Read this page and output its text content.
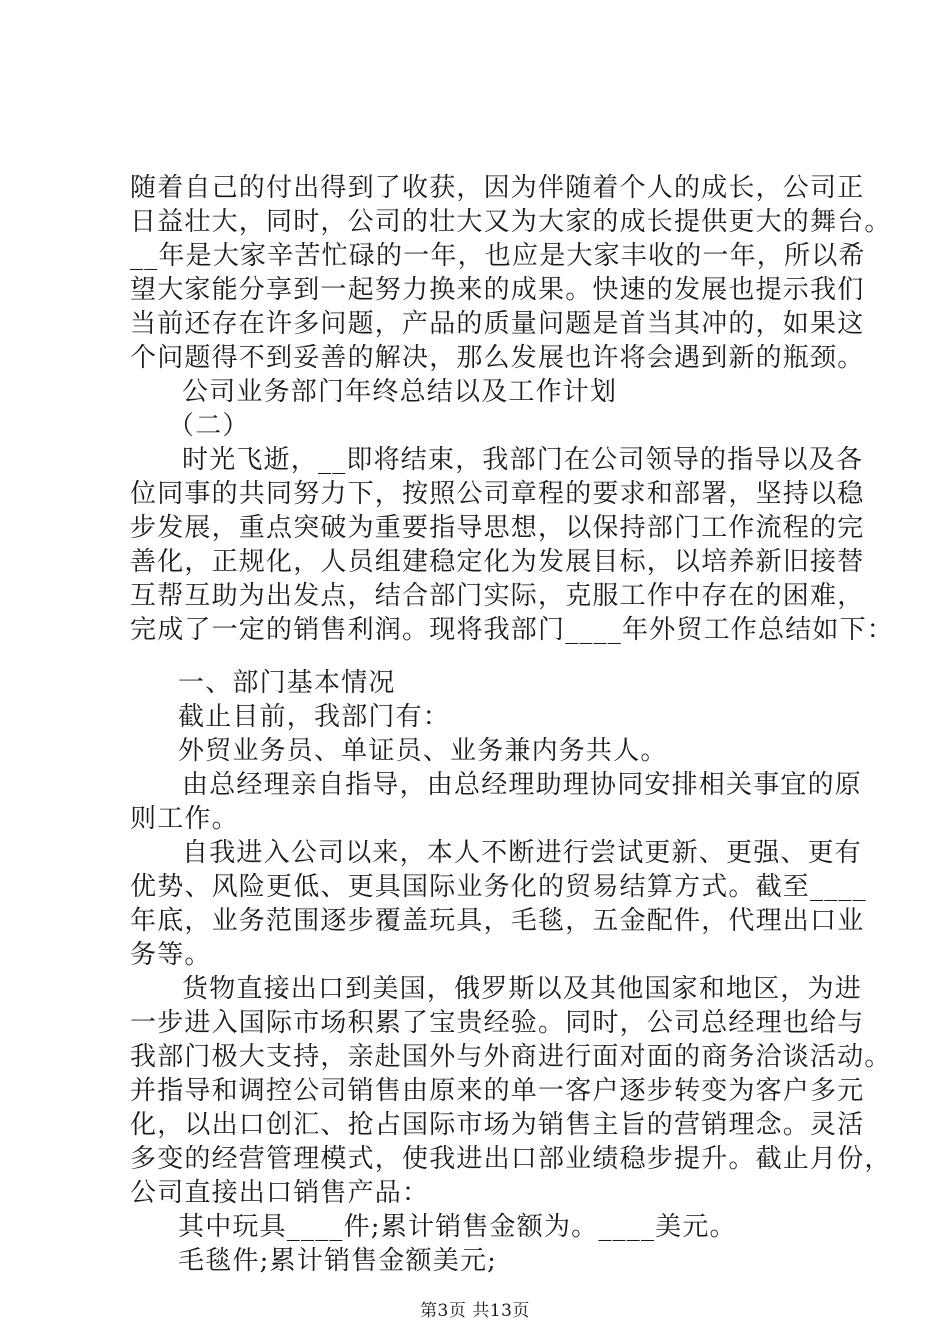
随着自己的付出得到了收获，因为伴随着个人的成长，公司正
日益壮大，同时，公司的壮大又为大家的成长提供更大的舞台。
__年是大家辛苦忙碌的一年，也应是大家丰收的一年，所以希
望大家能分享到一起努力换来的成果。快速的发展也提示我们
当前还存在许多问题，产品的质量问题是首当其冲的，如果这
个问题得不到妥善的解决，那么发展也许将会遇到新的瓶颈。
公司业务部门年终总结以及工作计划
（二）
时光飞逝，__即将结束，我部门在公司领导的指导以及各
位同事的共同努力下，按照公司章程的要求和部署，坚持以稳
步发展，重点突破为重要指导思想，以保持部门工作流程的完
善化，正规化，人员组建稳定化为发展目标，以培养新旧接替
互帮互助为出发点，结合部门实际，克服工作中存在的困难，
完成了一定的销售利润。现将我部门____年外贸工作总结如下：
一、部门基本情况
截止目前，我部门有：
外贸业务员、单证员、业务兼内务共人。
由总经理亲自指导，由总经理助理协同安排相关事宜的原
则工作。
自我进入公司以来，本人不断进行尝试更新、更强、更有
优势、风险更低、更具国际业务化的贸易结算方式。截至____
年底，业务范围逐步覆盖玩具，毛毯，五金配件，代理出口业
务等。
货物直接出口到美国，俄罗斯以及其他国家和地区，为进
一步进入国际市场积累了宝贵经验。同时，公司总经理也给与
我部门极大支持，亲赴国外与外商进行面对面的商务洽谈活动。
并指导和调控公司销售由原来的单一客户逐步转变为客户多元
化，以出口创汇、抢占国际市场为销售主旨的营销理念。灵活
多变的经营管理模式，使我进出口部业绩稳步提升。截止月份，
公司直接出口销售产品：
其中玩具____件;累计销售金额为。____美元。
第3页 共13页
毛毯件;累计销售金额美元;
